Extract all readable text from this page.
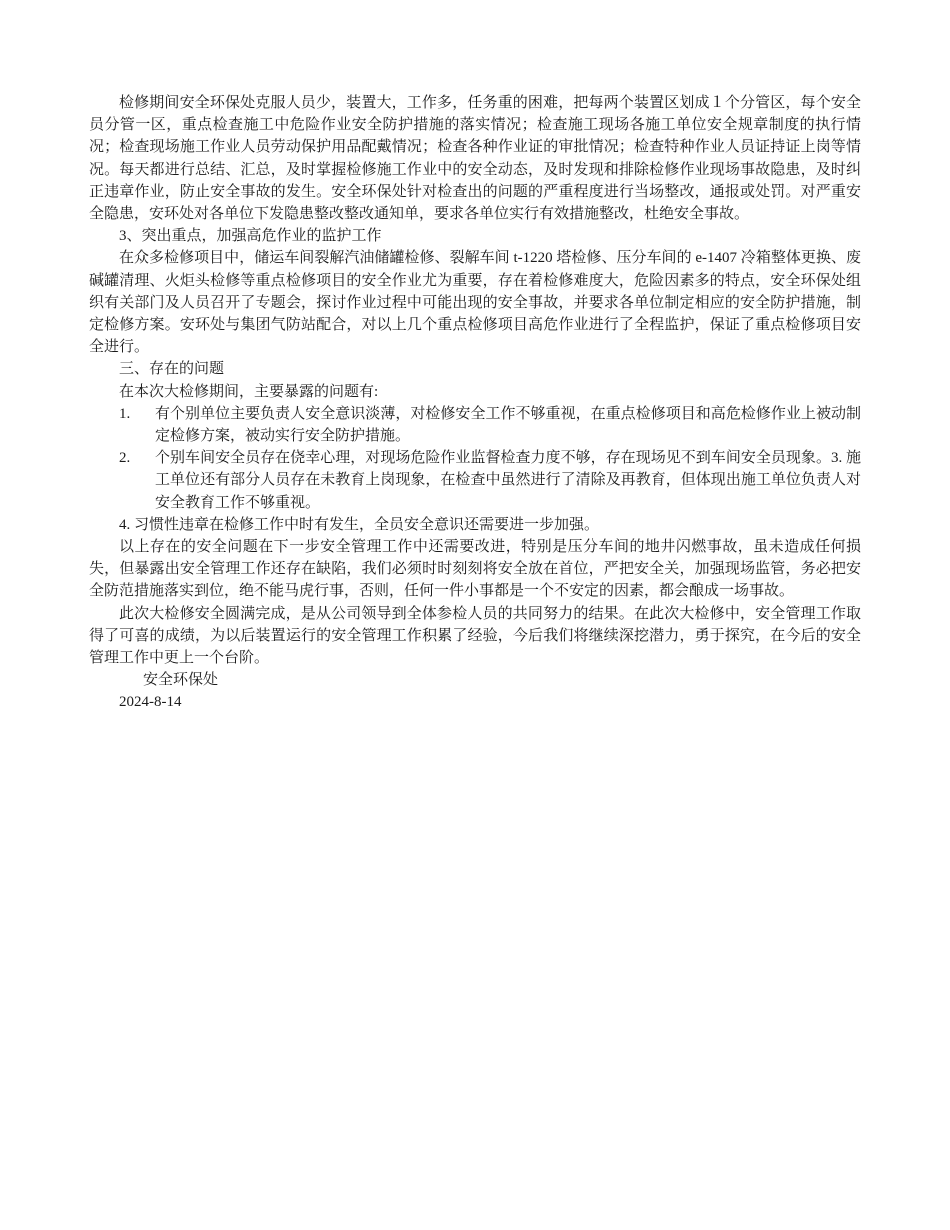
检修期间安全环保处克服人员少，装置大，工作多，任务重的困难，把每两个装置区划成１个分管区，每个安全员分管一区，重点检查施工中危险作业安全防护措施的落实情况；检查施工现场各施工单位安全规章制度的执行情况；检查现场施工作业人员劳动保护用品配戴情况；检查各种作业证的审批情况；检查特种作业人员证持证上岗等情况。每天都进行总结、汇总，及时掌握检修施工作业中的安全动态，及时发现和排除检修作业现场事故隐患，及时纠正违章作业，防止安全事故的发生。安全环保处针对检查出的问题的严重程度进行当场整改，通报或处罚。对严重安全隐患，安环处对各单位下发隐患整改整改通知单，要求各单位实行有效措施整改，杜绝安全事故。

3、突出重点，加强高危作业的监护工作

在众多检修项目中，储运车间裂解汽油储罐检修、裂解车间 t-1220 塔检修、压分车间的 e-1407 冷箱整体更换、废碱罐清理、火炬头检修等重点检修项目的安全作业尤为重要，存在着检修难度大，危险因素多的特点，安全环保处组织有关部门及人员召开了专题会，探讨作业过程中可能出现的安全事故，并要求各单位制定相应的安全防护措施，制定检修方案。安环处与集团气防站配合，对以上几个重点检修项目高危作业进行了全程监护，保证了重点检修项目安全进行。

三、存在的问题

在本次大检修期间，主要暴露的问题有:

1. 有个别单位主要负责人安全意识淡薄，对检修安全工作不够重视，在重点检修项目和高危检修作业上被动制定检修方案，被动实行安全防护措施。
2. 个别车间安全员存在侥幸心理，对现场危险作业监督检查力度不够，存在现场见不到车间安全员现象。3. 施工单位还有部分人员存在未教育上岗现象，在检查中虽然进行了清除及再教育，但体现出施工单位负责人对安全教育工作不够重视。

4. 习惯性违章在检修工作中时有发生，全员安全意识还需要进一步加强。

以上存在的安全问题在下一步安全管理工作中还需要改进，特别是压分车间的地井闪燃事故，虽未造成任何损失，但暴露出安全管理工作还存在缺陷，我们必须时时刻刻将安全放在首位，严把安全关，加强现场监管，务必把安全防范措施落实到位，绝不能马虎行事，否则，任何一件小事都是一个不安定的因素，都会酿成一场事故。

此次大检修安全圆满完成，是从公司领导到全体参检人员的共同努力的结果。在此次大检修中，安全管理工作取得了可喜的成绩，为以后装置运行的安全管理工作积累了经验，今后我们将继续深挖潜力，勇于探究，在今后的安全管理工作中更上一个台阶。

安全环保处

2024-8-14
